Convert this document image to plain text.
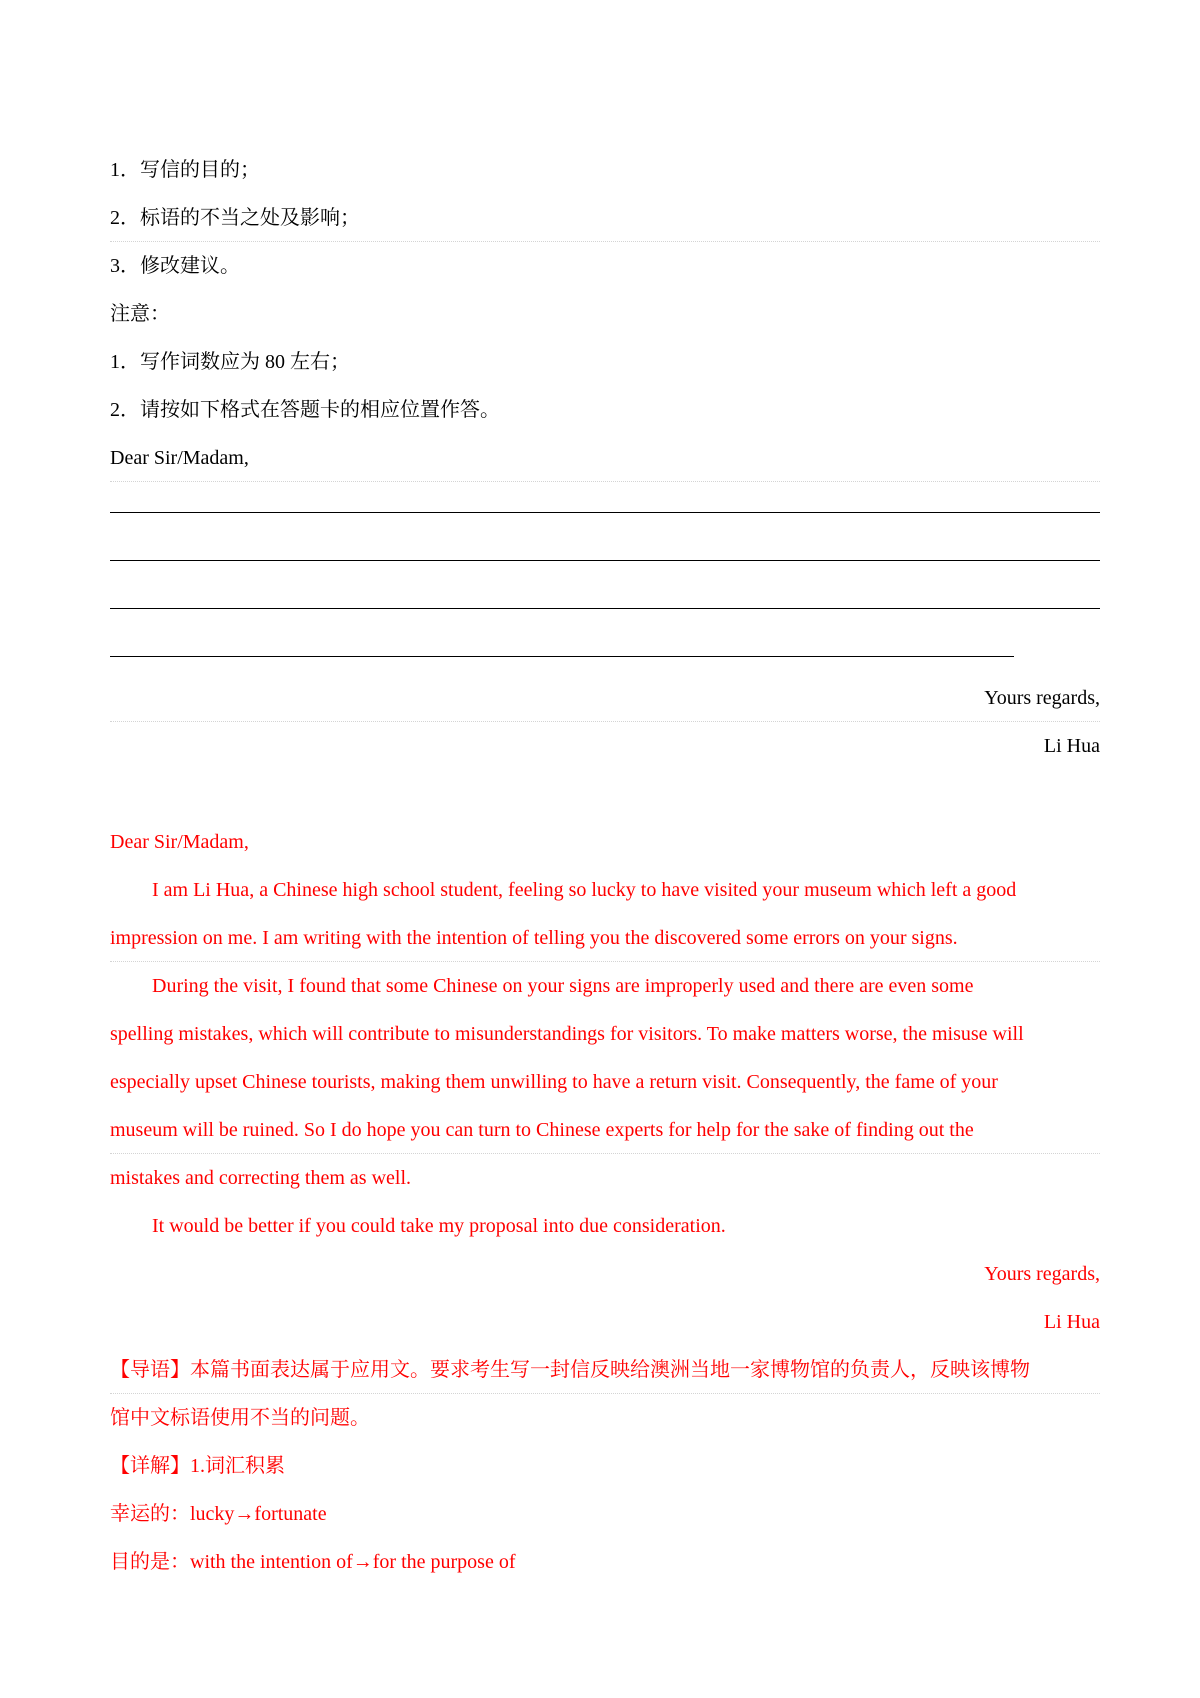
1．写信的目的；
2．标语的不当之处及影响；
3．修改建议。
注意：
1．写作词数应为 80 左右；
2．请按如下格式在答题卡的相应位置作答。
Dear Sir/Madam,
Yours regards,
Li Hua
Dear Sir/Madam,
I am Li Hua, a Chinese high school student, feeling so lucky to have visited your museum which left a good
impression on me. I am writing with the intention of telling you the discovered some errors on your signs.
During the visit, I found that some Chinese on your signs are improperly used and there are even some
spelling mistakes, which will contribute to misunderstandings for visitors. To make matters worse, the misuse will
especially upset Chinese tourists, making them unwilling to have a return visit. Consequently, the fame of your
museum will be ruined. So I do hope you can turn to Chinese experts for help for the sake of finding out the
mistakes and correcting them as well.
It would be better if you could take my proposal into due consideration.
Yours regards,
Li Hua
【导语】本篇书面表达属于应用文。要求考生写一封信反映给澳洲当地一家博物馆的负责人，反映该博物
馆中文标语使用不当的问题。
【详解】1.词汇积累
幸运的：lucky→fortunate
目的是：with the intention of→for the purpose of
